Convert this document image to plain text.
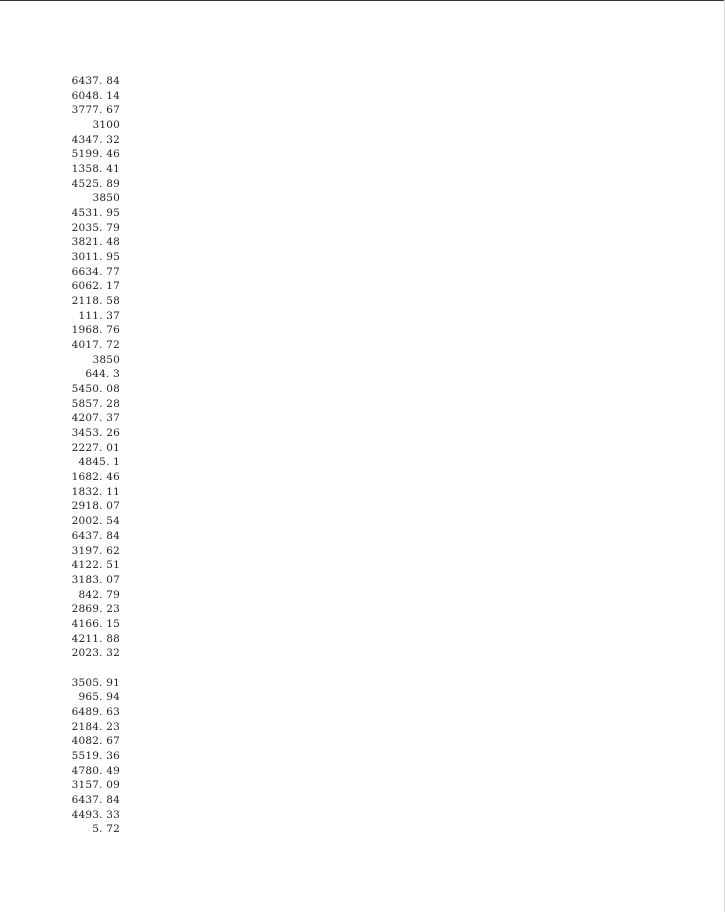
6437. 84
6048. 14
3777. 67
3100
4347. 32
5199. 46
1358. 41
4525. 89
3850
4531. 95
2035. 79
3821. 48
3011. 95
6634. 77
6062. 17
2118. 58
111. 37
1968. 76
4017. 72
3850
644. 3
5450. 08
5857. 28
4207. 37
3453. 26
2227. 01
4845. 1
1682. 46
1832. 11
2918. 07
2002. 54
6437. 84
3197. 62
4122. 51
3183. 07
842. 79
2869. 23
4166. 15
4211. 88
2023. 32
3505. 91
965. 94
6489. 63
2184. 23
4082. 67
5519. 36
4780. 49
3157. 09
6437. 84
4493. 33
5. 72
